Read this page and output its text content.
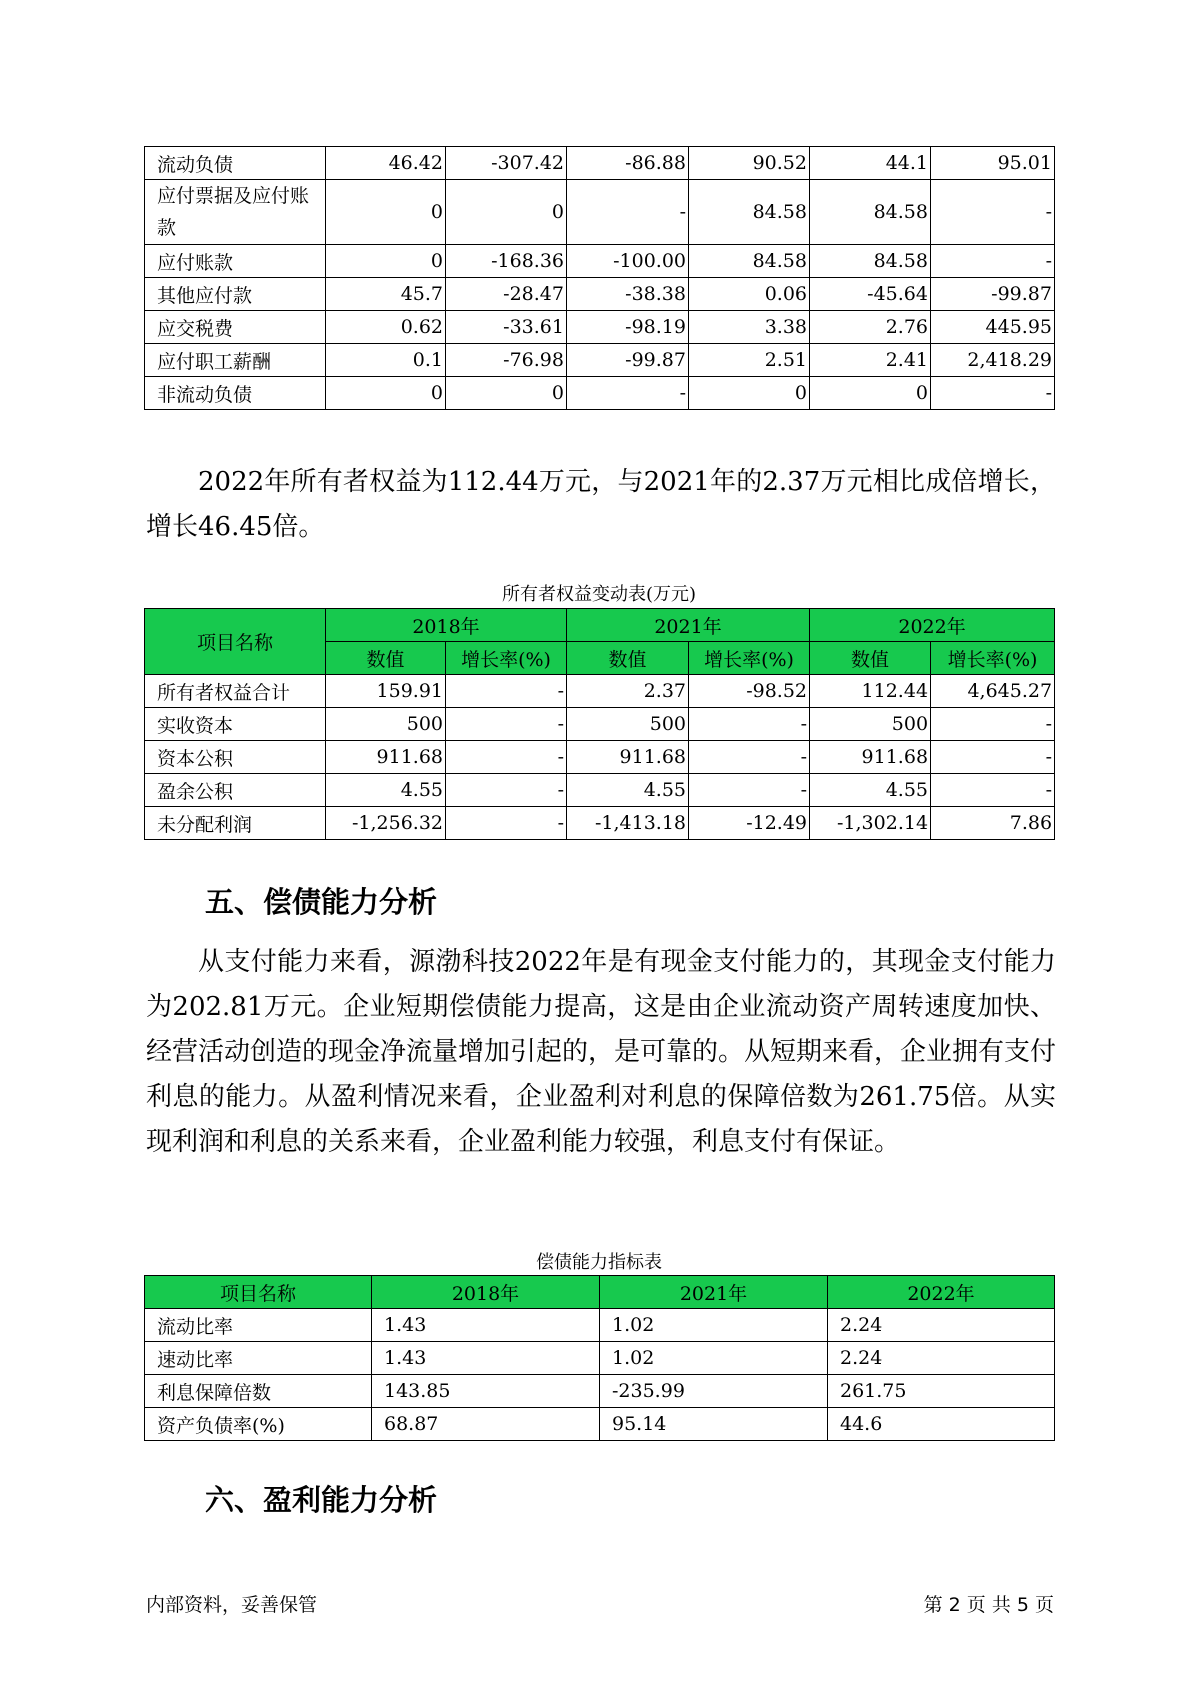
流动负债	46.42	-307.42	-86.88	90.52	44.1	95.01
应付票据及应付账款	0	0	-	84.58	84.58	-
应付账款	0	-168.36	-100.00	84.58	84.58	-
其他应付款	45.7	-28.47	-38.38	0.06	-45.64	-99.87
应交税费	0.62	-33.61	-98.19	3.38	2.76	445.95
应付职工薪酬	0.1	-76.98	-99.87	2.51	2.41	2,418.29
非流动负债	0	0	-	0	0	-

2022年所有者权益为112.44万元，与2021年的2.37万元相比成倍增长，增长46.45倍。

所有者权益变动表(万元)
项目名称	2018年		2021年		2022年	
	数值	增长率(%)	数值	增长率(%)	数值	增长率(%)
所有者权益合计	159.91	-	2.37	-98.52	112.44	4,645.27
实收资本	500	-	500	-	500	-
资本公积	911.68	-	911.68	-	911.68	-
盈余公积	4.55	-	4.55	-	4.55	-
未分配利润	-1,256.32	-	-1,413.18	-12.49	-1,302.14	7.86
五、偿债能力分析

从支付能力来看，源渤科技2022年是有现金支付能力的，其现金支付能力为202.81万元。企业短期偿债能力提高，这是由企业流动资产周转速度加快、经营活动创造的现金净流量增加引起的，是可靠的。从短期来看，企业拥有支付利息的能力。从盈利情况来看，企业盈利对利息的保障倍数为261.75倍。从实现利润和利息的关系来看，企业盈利能力较强，利息支付有保证。

偿债能力指标表
项目名称	2018年	2021年	2022年
流动比率	1.43	1.02	2.24
速动比率	1.43	1.02	2.24
利息保障倍数	143.85	-235.99	261.75
资产负债率(%)	68.87	95.14	44.6
六、盈利能力分析
内部资料，妥善保管	第 2 页 共 5 页
